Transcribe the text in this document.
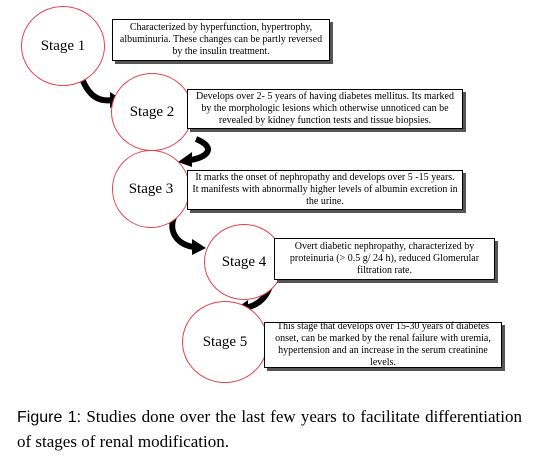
Stage 1
Characterized by hyperfunction, hypertrophy, albuminuria. These changes can be partly reversed by the insulin treatment.
Stage 2
Develops over 2- 5 years of having diabetes mellitus. Its marked by the morphologic lesions which otherwise unnoticed can be revealed by kidney function tests and tissue biopsies.
Stage 3
It marks the onset of nephropathy and develops over 5 -15 years. It manifests with abnormally higher levels of albumin excretion in the urine.
Stage 4
Overt diabetic nephropathy, characterized by proteinuria (> 0.5 g/ 24 h), reduced Glomerular filtration rate.
Stage 5
This stage that develops over 15-30 years of diabetes onset, can be marked by the renal failure with uremia, hypertension and an increase in the serum creatinine levels.
Figure 1: Studies done over the last few years to facilitate differentiation of stages of renal modification.
